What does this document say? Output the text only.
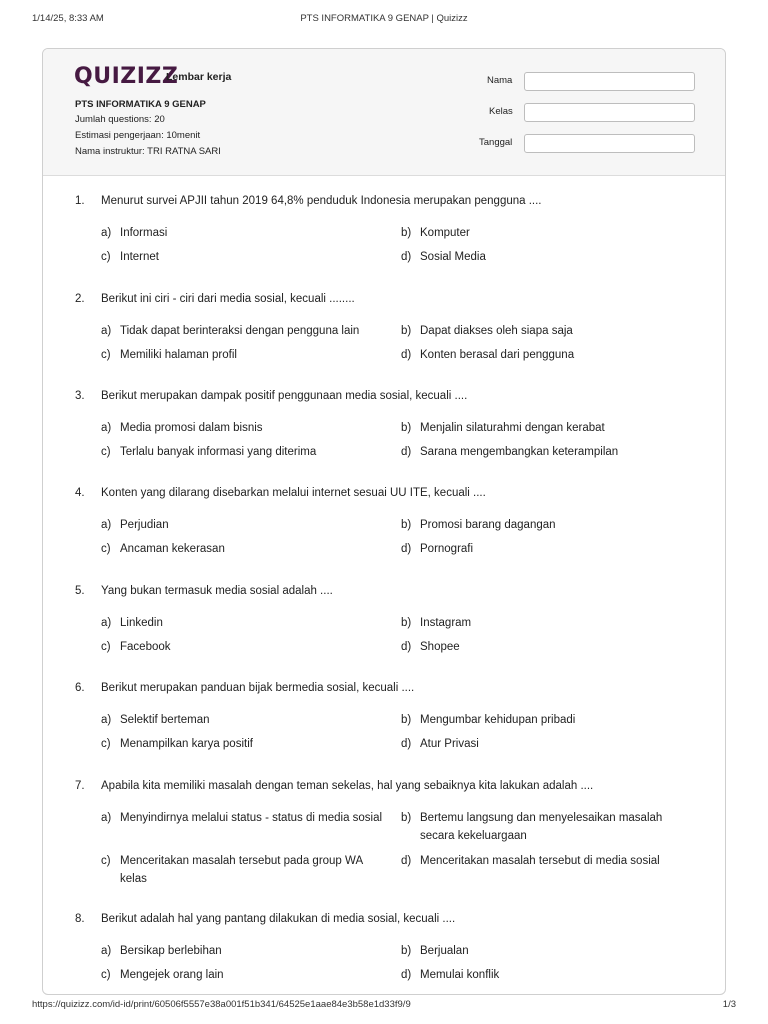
1/14/25, 8:33 AM	PTS INFORMATIKA 9 GENAP | Quizizz
QUIZIZZ
Lembar kerja
PTS INFORMATIKA 9 GENAP
Jumlah questions: 20
Estimasi pengerjaan: 10menit
Nama instruktur: TRI RATNA SARI
Nama
Kelas
Tanggal
1. Menurut survei APJII tahun 2019 64,8% penduduk Indonesia merupakan pengguna ....
a) Informasi	b) Komputer
c) Internet	d) Sosial Media
2. Berikut ini ciri - ciri dari media sosial, kecuali ........
a) Tidak dapat berinteraksi dengan pengguna lain	b) Dapat diakses oleh siapa saja
c) Memiliki halaman profil	d) Konten berasal dari pengguna
3. Berikut merupakan dampak positif penggunaan media sosial, kecuali ....
a) Media promosi dalam bisnis	b) Menjalin silaturahmi dengan kerabat
c) Terlalu banyak informasi yang diterima	d) Sarana mengembangkan keterampilan
4. Konten yang dilarang disebarkan melalui internet sesuai UU ITE, kecuali ....
a) Perjudian	b) Promosi barang dagangan
c) Ancaman kekerasan	d) Pornografi
5. Yang bukan termasuk media sosial adalah ....
a) Linkedin	b) Instagram
c) Facebook	d) Shopee
6. Berikut merupakan panduan bijak bermedia sosial, kecuali ....
a) Selektif berteman	b) Mengumbar kehidupan pribadi
c) Menampilkan karya positif	d) Atur Privasi
7. Apabila kita memiliki masalah dengan teman sekelas, hal yang sebaiknya kita lakukan adalah ....
a) Menyindirnya melalui status - status di media sosial	b) Bertemu langsung dan menyelesaikan masalah secara kekeluargaan
c) Menceritakan masalah tersebut pada group WA kelas
d) Menceritakan masalah tersebut di media sosial
8. Berikut adalah hal yang pantang dilakukan di media sosial, kecuali ....
a) Bersikap berlebihan	b) Berjualan
c) Mengejek orang lain	d) Memulai konflik
https://quizizz.com/id-id/print/60506f5557e38a001f51b341/64525e1aae84e3b58e1d33f9/9	1/3
